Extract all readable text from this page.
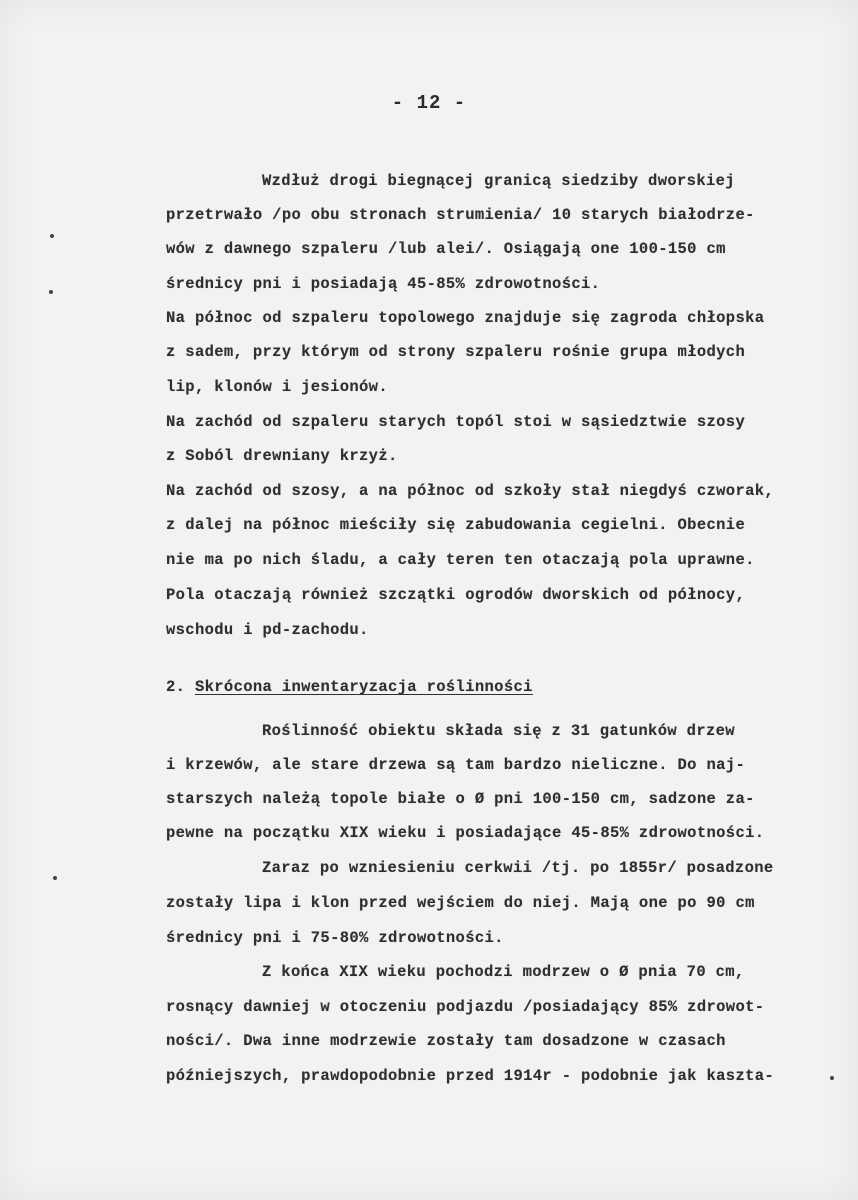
- 12 -

Wzdłuż drogi biegnącej granicą siedziby dworskiej

przetrwało /po obu stronach strumienia/ 10 starych białodrze-

wów z dawnego szpaleru /lub alei/. Osiągają one 100-150 cm

średnicy pni i posiadają 45-85% zdrowotności.

Na północ od szpaleru topolowego znajduje się zagroda chłopska

z sadem, przy którym od strony szpaleru rośnie grupa młodych

lip, klonów i jesionów.

Na zachód od szpaleru starych topól stoi w sąsiedztwie szosy

z Soból drewniany krzyż.

Na zachód od szosy, a na północ od szkoły stał niegdyś czworak,

z dalej na północ mieściły się zabudowania cegielni. Obecnie

nie ma po nich śladu, a cały teren ten otaczają pola uprawne.

Pola otaczają również szczątki ogrodów dworskich od północy,

wschodu i pd-zachodu.

2. Skrócona inwentaryzacja roślinności

Roślinność obiektu składa się z 31 gatunków drzew

i krzewów, ale stare drzewa są tam bardzo nieliczne. Do naj-

starszych należą topole białe o Ø pni 100-150 cm, sadzone za-

pewne na początku XIX wieku i posiadające 45-85% zdrowotności.

Zaraz po wzniesieniu cerkwii /tj. po 1855r/ posadzone

zostały lipa i klon przed wejściem do niej. Mają one po 90 cm

średnicy pni i 75-80% zdrowotności.

Z końca XIX wieku pochodzi modrzew o Ø pnia 70 cm,

rosnący dawniej w otoczeniu podjazdu /posiadający 85% zdrowot-

ności/. Dwa inne modrzewie zostały tam dosadzone w czasach

późniejszych, prawdopodobnie przed 1914r - podobnie jak kaszta-
